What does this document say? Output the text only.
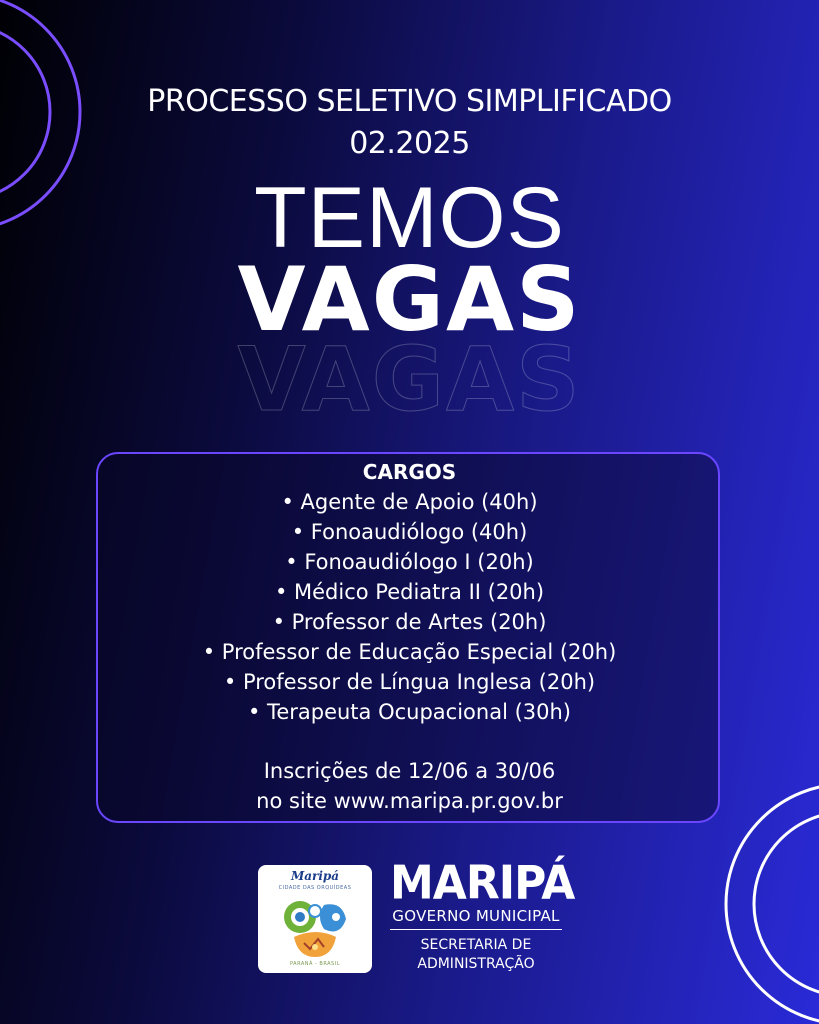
PROCESSO SELETIVO SIMPLIFICADO
02.2025
TEMOS
VAGAS
VAGAS
CARGOS
• Agente de Apoio (40h)
• Fonoaudiólogo (40h)
• Fonoaudiólogo I (20h)
• Médico Pediatra II (20h)
• Professor de Artes (20h)
• Professor de Educação Especial (20h)
• Professor de Língua Inglesa (20h)
• Terapeuta Ocupacional (30h)
Inscrições de 12/06 a 30/06
no site www.maripa.pr.gov.br
Maripá
CIDADE DAS ORQUÍDEAS
PARANÁ - BRASIL
MARIPÁ
GOVERNO MUNICIPAL
SECRETARIA DE
ADMINISTRAÇÃO
